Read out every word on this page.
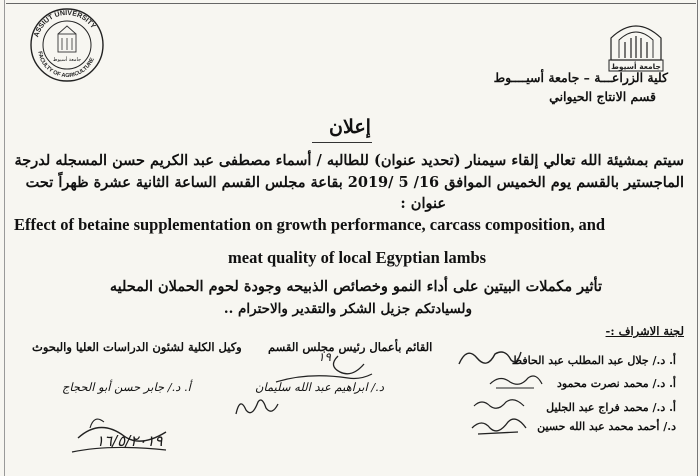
ASSIUT UNIVERSITY
FACULTY OF AGRICULTURE
جامعة أسيوط
جامعة أسيوط
كلية الزراعـــة – جامعة أسيــــوط
قسم الانتاج الحيواني
إعلان
سيتم بمشيئة الله تعالي إلقاء سيمنار (تحديد عنوان) للطالبه / أسماء مصطفى عبد الكريم حسن المسجله لدرجة
الماجستير بالقسم يوم الخميس الموافق 16/ 5 /2019 بقاعة مجلس القسم الساعة الثانية عشرة ظهراً تحت
عنوان :
Effect of betaine supplementation on growth performance, carcass composition, and
meat quality of local Egyptian lambs
تأثير مكملات البيتين على أداء النمو وخصائص الذبيحه وجودة لحوم الحملان المحليه
ولسيادتكم جزيل الشكر والتقدير والاحترام ..
لجنة الاشراف :-
أ. د./ جلال عبد المطلب عبد الحافظ
أ. د./ محمد نصرت محمود
أ. د./ محمد فراج عبد الجليل
د./ أحمد محمد عبد الله حسين
القائم بأعمال رئيس مجلس القسم
د./ ابراهيم عبد الله سليمان
وكيل الكلية لشئون الدراسات العليا والبحوث
أ. د./ جابر حسن أبو الحجاج
١٩
١٦/٥/٢٠١٩
